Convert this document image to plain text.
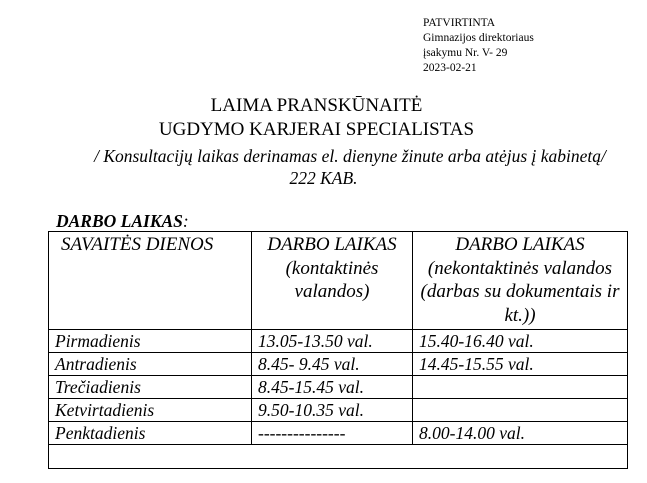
PATVIRTINTA
Gimnazijos direktoriaus
įsakymu Nr. V- 29
2023-02-21
LAIMA PRANSKŪNAITĖ
UGDYMO KARJERAI SPECIALISTAS
/ Konsultacijų laikas derinamas el. dienyne žinute arba atėjus į kabinetą/
222 KAB.
DARBO LAIKAS:
SAVAITĖS DIENOS	DARBO LAIKAS (kontaktinės valandos)	DARBO LAIKAS (nekontaktinės valandos (darbas su dokumentais ir kt.))
Pirmadienis	13.05-13.50 val.	15.40-16.40 val.
Antradienis	8.45- 9.45 val.	14.45-15.55 val.
Trečiadienis	8.45-15.45 val.	
Ketvirtadienis	9.50-10.35 val.	
Penktadienis	---------------	8.00-14.00 val.
